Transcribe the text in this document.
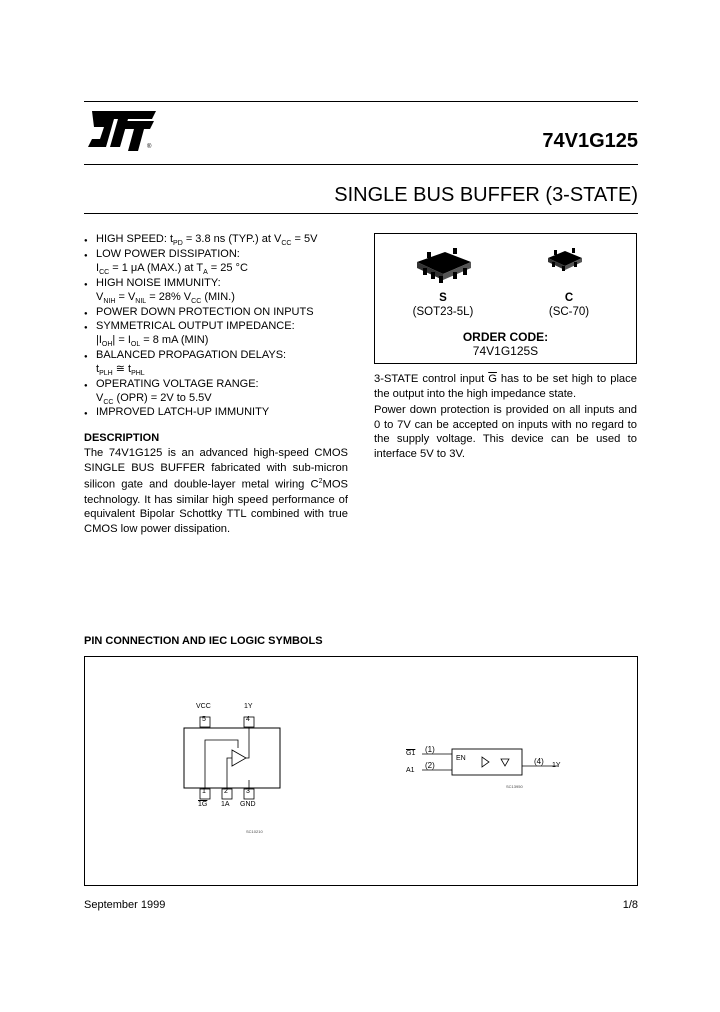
®	74V1G125
SINGLE BUS BUFFER (3-STATE)
● HIGH SPEED: $t_{PD} = 3.8$ ns (TYP.) at $V_{CC} = 5V$
● LOW POWER DISSIPATION:
$I_{CC} = 1$ μA (MAX.) at $T_A = 25$ °C
● HIGH NOISE IMMUNITY:
$V_{NIH} = V_{NIL} = 28\%$ $V_{CC}$ (MIN.)
● POWER DOWN PROTECTION ON INPUTS
● SYMMETRICAL OUTPUT IMPEDANCE:
$|I_{OH}| = I_{OL} = 8$ mA (MIN)
● BALANCED PROPAGATION DELAYS:
$t_{PLH}$ ≅ $t_{PHL}$
● OPERATING VOLTAGE RANGE:
$V_{CC}$ (OPR) = 2V to 5.5V
● IMPROVED LATCH-UP IMMUNITY
DESCRIPTION
The 74V1G125 is an advanced high-speed CMOS SINGLE BUS BUFFER fabricated with sub-micron silicon gate and double-layer metal wiring $C^2MOS$ technology. It has similar high speed performance of equivalent Bipolar Schottky TTL combined with true CMOS low power dissipation.
S
(SOT23-5L)
C
(SC-70)
ORDER CODE:
74V1G125S
3-STATE control input $\overline{G}$ has to be set high to place the output into the high impedance state.
Power down protection is provided on all inputs and 0 to 7V can be accepted on inputs with no regard to the supply voltage. This device can be used to interface 5V to 3V.
PIN CONNECTION AND IEC LOGIC SYMBOLS
VCC	1Y
5	4
1	2	3
1G 1A GND
SC10210
G1
A1
(1)
(2)
EN	(4) 1Y
SC13950
September 1999	1/8
